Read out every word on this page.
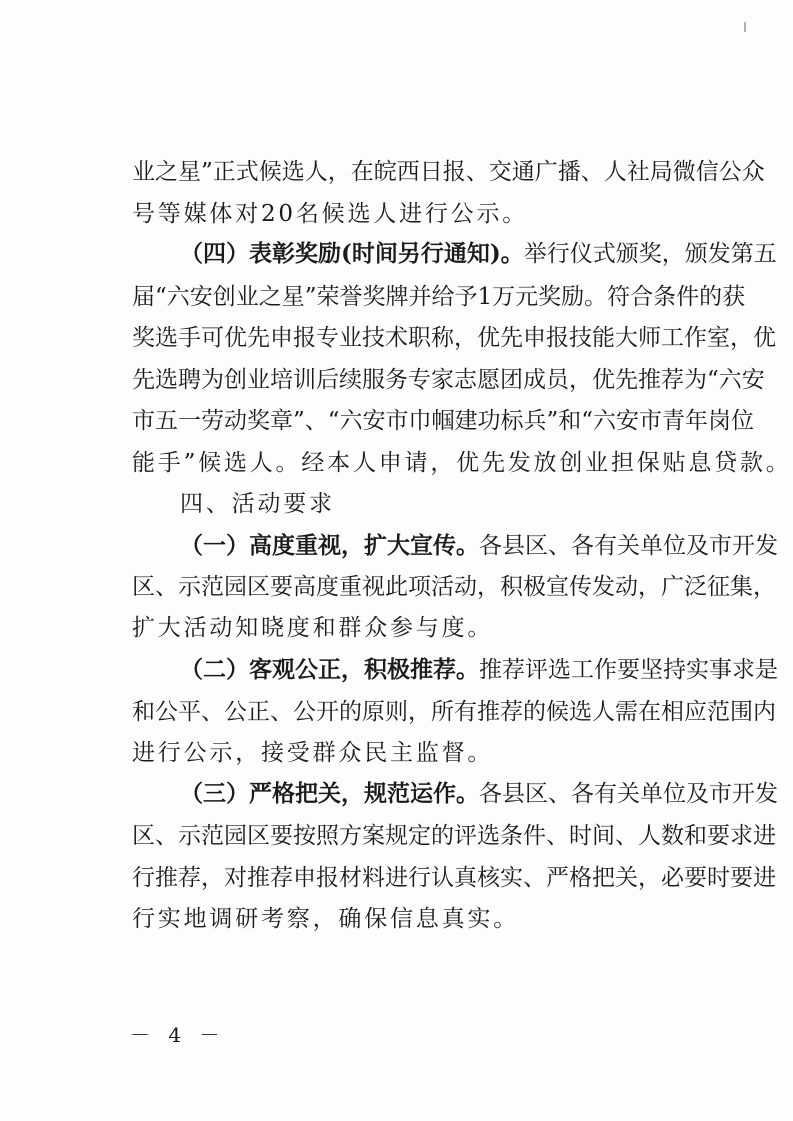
业之星”正式候选人，在皖西日报、交通广播、人社局微信公众
号等媒体对20名候选人进行公示。
（四）表彰奖励(时间另行通知)。举行仪式颁奖，颁发第五
届“六安创业之星”荣誉奖牌并给予1万元奖励。符合条件的获
奖选手可优先申报专业技术职称，优先申报技能大师工作室，优
先选聘为创业培训后续服务专家志愿团成员，优先推荐为“六安
市五一劳动奖章”、“六安市巾帼建功标兵”和“六安市青年岗位
能手”候选人。经本人申请，优先发放创业担保贴息贷款。
四、活动要求
（一）高度重视，扩大宣传。各县区、各有关单位及市开发
区、示范园区要高度重视此项活动，积极宣传发动，广泛征集，
扩大活动知晓度和群众参与度。
（二）客观公正，积极推荐。推荐评选工作要坚持实事求是
和公平、公正、公开的原则，所有推荐的候选人需在相应范围内
进行公示，接受群众民主监督。
（三）严格把关，规范运作。各县区、各有关单位及市开发
区、示范园区要按照方案规定的评选条件、时间、人数和要求进
行推荐，对推荐申报材料进行认真核实、严格把关，必要时要进
行实地调研考察，确保信息真实。
－ 4 －
